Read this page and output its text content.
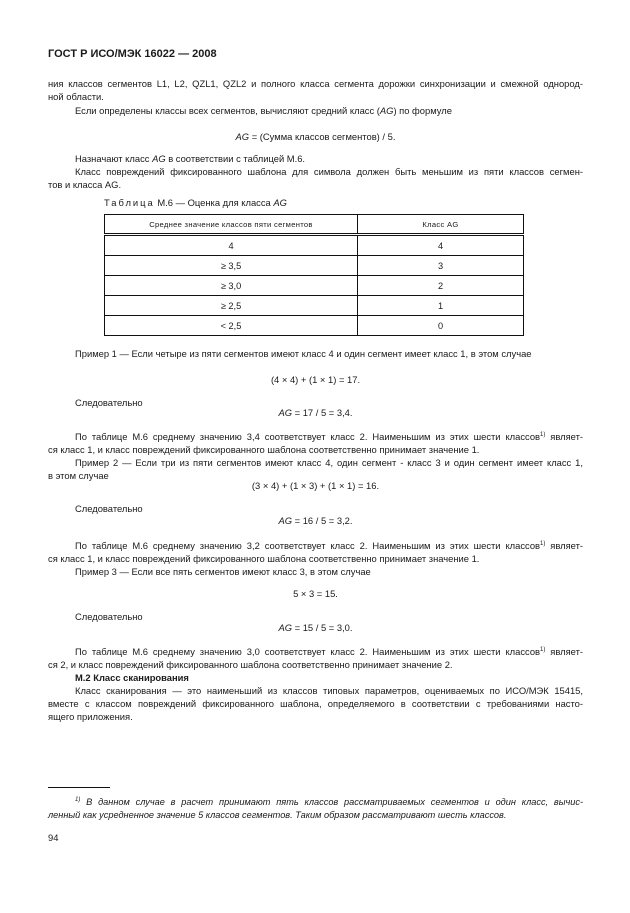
ГОСТ Р ИСО/МЭК 16022 — 2008
ния классов сегментов L1, L2, QZL1, QZL2 и полного класса сегмента дорожки синхронизации и смежной однород-
ной области.
Если определены классы всех сегментов, вычисляют средний класс (AG) по формуле
AG = (Сумма классов сегментов) / 5.
Назначают класс AG в соответствии с таблицей М.6.
Класс повреждений фиксированного шаблона для символа должен быть меньшим из пяти классов сегмен-
тов и класса AG.
Таблица М.6 — Оценка для класса AG
Среднее значение классов пяти сегментов	Класс AG
4	4
≥ 3,5	3
≥ 3,0	2
≥ 2,5	1
< 2,5	0
Пример 1 — Если четыре из пяти сегментов имеют класс 4 и один сегмент имеет класс 1, в этом случае
(4 × 4) + (1 × 1) = 17.
Следовательно
AG = 17 / 5 = 3,4.
По таблице М.6 среднему значению 3,4 соответствует класс 2. Наименьшим из этих шести классов$^{1)}$ являет-
ся класс 1, и класс повреждений фиксированного шаблона соответственно принимает значение 1.
Пример 2 — Если три из пяти сегментов имеют класс 4, один сегмент - класс 3 и один сегмент имеет класс 1,
в этом случае
(3 × 4) + (1 × 3) + (1 × 1) = 16.
Следовательно
AG = 16 / 5 = 3,2.
По таблице М.6 среднему значению 3,2 соответствует класс 2. Наименьшим из этих шести классов$^{1)}$ являет-
ся класс 1, и класс повреждений фиксированного шаблона соответственно принимает значение 1.
Пример 3 — Если все пять сегментов имеют класс 3, в этом случае
5 × 3 = 15.
Следовательно
AG = 15 / 5 = 3,0.
По таблице М.6 среднему значению 3,0 соответствует класс 2. Наименьшим из этих шести классов$^{1)}$ являет-
ся 2, и класс повреждений фиксированного шаблона соответственно принимает значение 2.
М.2 Класс сканирования
Класс сканирования — это наименьший из классов типовых параметров, оцениваемых по ИСО/МЭК 15415,
вместе с классом повреждений фиксированного шаблона, определяемого в соответствии с требованиями насто-
ящего приложения.
$^{1)}$ В данном случае в расчет принимают пять классов рассматриваемых сегментов и один класс, вычис-
ленный как усредненное значение 5 классов сегментов. Таким образом рассматривают шесть классов.
94
